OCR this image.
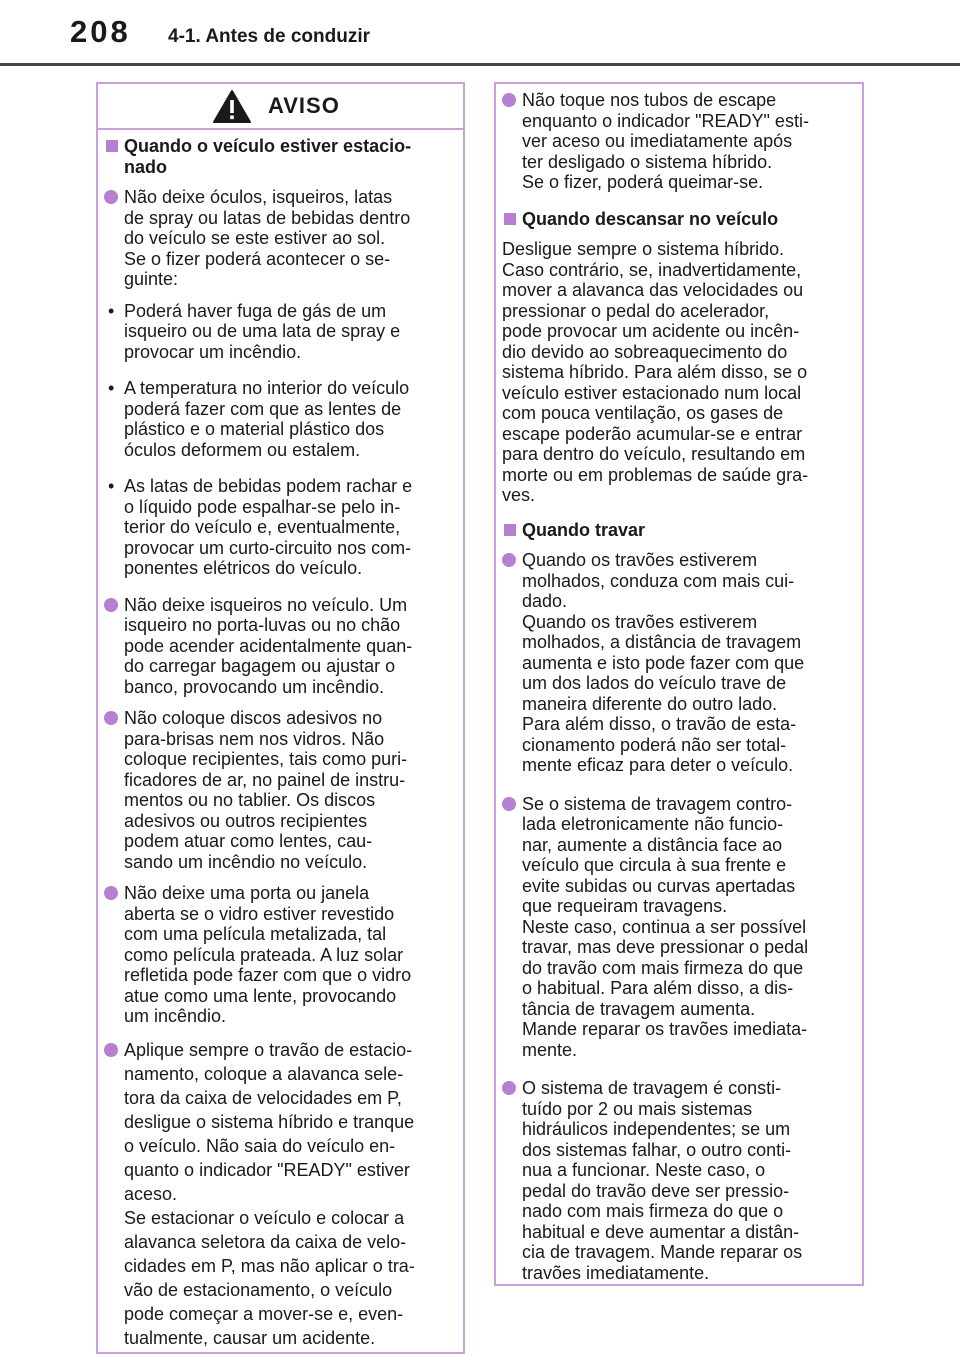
208 4-1. Antes de conduzir
AVISO
Quando o veículo estiver estacio-
nado
Não deixe óculos, isqueiros, latas
de spray ou latas de bebidas dentro
do veículo se este estiver ao sol.
Se o fizer poderá acontecer o se-
guinte:
• Poderá haver fuga de gás de um
isqueiro ou de uma lata de spray e
provocar um incêndio.
• A temperatura no interior do veículo
poderá fazer com que as lentes de
plástico e o material plástico dos
óculos deformem ou estalem.
• As latas de bebidas podem rachar e
o líquido pode espalhar-se pelo in-
terior do veículo e, eventualmente,
provocar um curto-circuito nos com-
ponentes elétricos do veículo.
Não deixe isqueiros no veículo. Um
isqueiro no porta-luvas ou no chão
pode acender acidentalmente quan-
do carregar bagagem ou ajustar o
banco, provocando um incêndio.
Não coloque discos adesivos no
para-brisas nem nos vidros. Não
coloque recipientes, tais como puri-
ficadores de ar, no painel de instru-
mentos ou no tablier. Os discos
adesivos ou outros recipientes
podem atuar como lentes, cau-
sando um incêndio no veículo.
Não deixe uma porta ou janela
aberta se o vidro estiver revestido
com uma película metalizada, tal
como película prateada. A luz solar
refletida pode fazer com que o vidro
atue como uma lente, provocando
um incêndio.
Aplique sempre o travão de estacio-
namento, coloque a alavanca sele-
tora da caixa de velocidades em P,
desligue o sistema híbrido e tranque
o veículo. Não saia do veículo en-
quanto o indicador "READY" estiver
aceso.
Se estacionar o veículo e colocar a
alavanca seletora da caixa de velo-
cidades em P, mas não aplicar o tra-
vão de estacionamento, o veículo
pode começar a mover-se e, even-
tualmente, causar um acidente.
Não toque nos tubos de escape
enquanto o indicador "READY" esti-
ver aceso ou imediatamente após
ter desligado o sistema híbrido.
Se o fizer, poderá queimar-se.
Quando descansar no veículo
Desligue sempre o sistema híbrido.
Caso contrário, se, inadvertidamente,
mover a alavanca das velocidades ou
pressionar o pedal do acelerador,
pode provocar um acidente ou incên-
dio devido ao sobreaquecimento do
sistema híbrido. Para além disso, se o
veículo estiver estacionado num local
com pouca ventilação, os gases de
escape poderão acumular-se e entrar
para dentro do veículo, resultando em
morte ou em problemas de saúde gra-
ves.
Quando travar
Quando os travões estiverem
molhados, conduza com mais cui-
dado.
Quando os travões estiverem
molhados, a distância de travagem
aumenta e isto pode fazer com que
um dos lados do veículo trave de
maneira diferente do outro lado.
Para além disso, o travão de esta-
cionamento poderá não ser total-
mente eficaz para deter o veículo.
Se o sistema de travagem contro-
lada eletronicamente não funcio-
nar, aumente a distância face ao
veículo que circula à sua frente e
evite subidas ou curvas apertadas
que requeiram travagens.
Neste caso, continua a ser possível
travar, mas deve pressionar o pedal
do travão com mais firmeza do que
o habitual. Para além disso, a dis-
tância de travagem aumenta.
Mande reparar os travões imediata-
mente.
O sistema de travagem é consti-
tuído por 2 ou mais sistemas
hidráulicos independentes; se um
dos sistemas falhar, o outro conti-
nua a funcionar. Neste caso, o
pedal do travão deve ser pressio-
nado com mais firmeza do que o
habitual e deve aumentar a distân-
cia de travagem. Mande reparar os
travões imediatamente.
